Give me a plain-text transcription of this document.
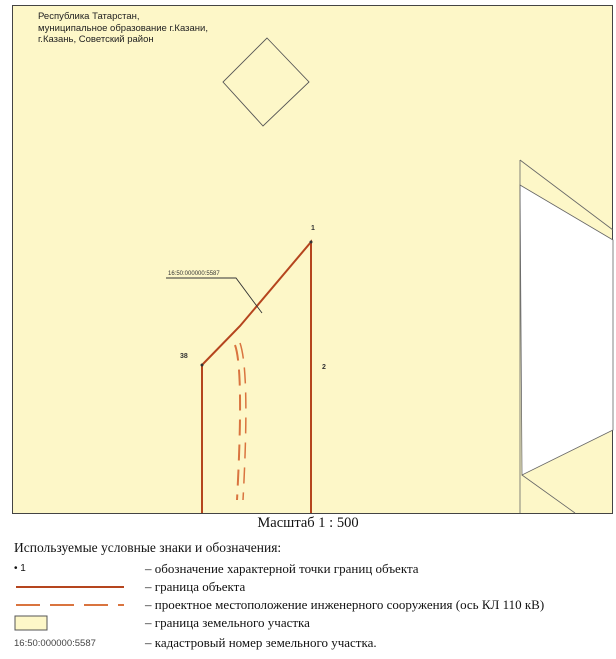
16:50:000000:5587
1
2
38
Республика Татарстан,
муниципальное образование г.Казани,
г.Казань, Советский район
Масштаб 1 : 500
Используемые условные знаки и обозначения:
• 1	– обозначение характерной точки границ объекта
– граница объекта
– проектное местоположение инженерного сооружения (ось КЛ 110 кВ)
– граница земельного участка
16:50:000000:5587	– кадастровый номер земельного участка.
